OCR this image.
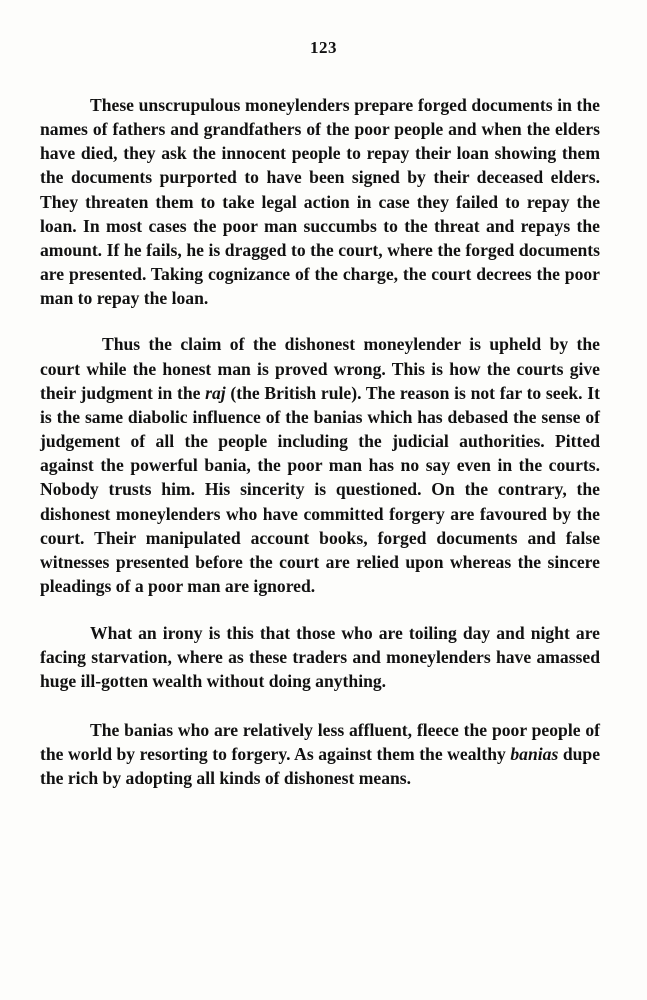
123

These unscrupulous moneylenders prepare forged documents in the names of fathers and grandfathers of the poor people and when the elders have died, they ask the innocent people to repay their loan showing them the documents purported to have been signed by their deceased elders. They threaten them to take legal action in case they failed to repay the loan. In most cases the poor man succumbs to the threat and repays the amount. If he fails, he is dragged to the court, where the forged documents are presented. Taking cognizance of the charge, the court decrees the poor man to repay the loan.

Thus the claim of the dishonest moneylender is upheld by the court while the honest man is proved wrong. This is how the courts give their judgment in the raj (the British rule). The reason is not far to seek. It is the same diabolic influence of the banias which has debased the sense of judgement of all the people including the judicial authorities. Pitted against the powerful bania, the poor man has no say even in the courts. Nobody trusts him. His sincerity is questioned. On the contrary, the dishonest moneylenders who have committed forgery are favoured by the court. Their manipulated account books, forged documents and false witnesses presented before the court are relied upon whereas the sincere pleadings of a poor man are ignored.

What an irony is this that those who are toiling day and night are facing starvation, where as these traders and moneylenders have amassed huge ill-gotten wealth without doing anything.

The banias who are relatively less affluent, fleece the poor people of the world by resorting to forgery. As against them the wealthy banias dupe the rich by adopting all kinds of dishonest means.
